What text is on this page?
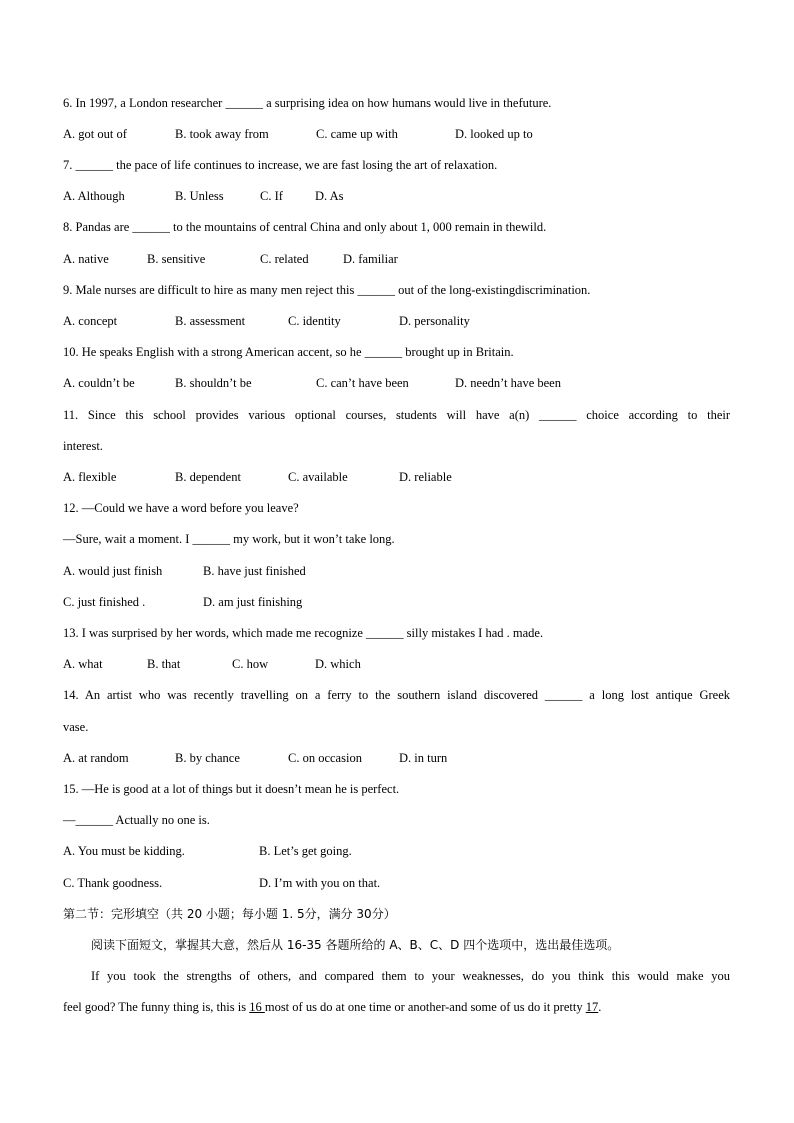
6. In 1997, a London researcher ______ a surprising idea on how humans would live in thefuture.
A. got out of	B. took away from	C. came up with	D. looked up to
7. ______ the pace of life continues to increase, we are fast losing the art of relaxation.
A. Although	B. Unless	C. If	D. As
8. Pandas are ______ to the mountains of central China and only about 1, 000 remain in thewild.
A. native	B. sensitive	C. related	D. familiar
9. Male nurses are difficult to hire as many men reject this ______ out of the long-existingdiscrimination.
A. concept	B. assessment	C. identity	D. personality
10. He speaks English with a strong American accent, so he ______ brought up in Britain.
A. couldn’t be	B. shouldn’t be	C. can’t have been	D. needn’t have been
11. Since this school provides various optional courses, students will have a(n) ______ choice according to their
interest.
A. flexible	B. dependent	C. available	D. reliable
12. —Could we have a word before you leave?
—Sure, wait a moment. I ______ my work, but it won’t take long.
A. would just finish	B. have just finished
C. just finished .	D. am just finishing
13. I was surprised by her words, which made me recognize ______ silly mistakes I had . made.
A. what	B. that	C. how	D. which
14. An artist who was recently travelling on a ferry to the southern island discovered ______ a long lost antique Greek
vase.
A. at random	B. by chance	C. on occasion	D. in turn
15. —He is good at a lot of things but it doesn’t mean he is perfect.
—______ Actually no one is.
A. You must be kidding.	B. Let’s get going.
C. Thank goodness.	D. I’m with you on that.
第二节：完形填空（共 20 小题；每小题 1. 5分，满分 30分）
阅读下面短文，掌握其大意，然后从 16-35 各题所给的 A、B、C、D 四个选项中，选出最佳选项。
If you took the strengths of others, and compared them to your weaknesses, do you think this would make you
feel good? The funny thing is, this is 16 most of us do at one time or another-and some of us do it pretty 17.
